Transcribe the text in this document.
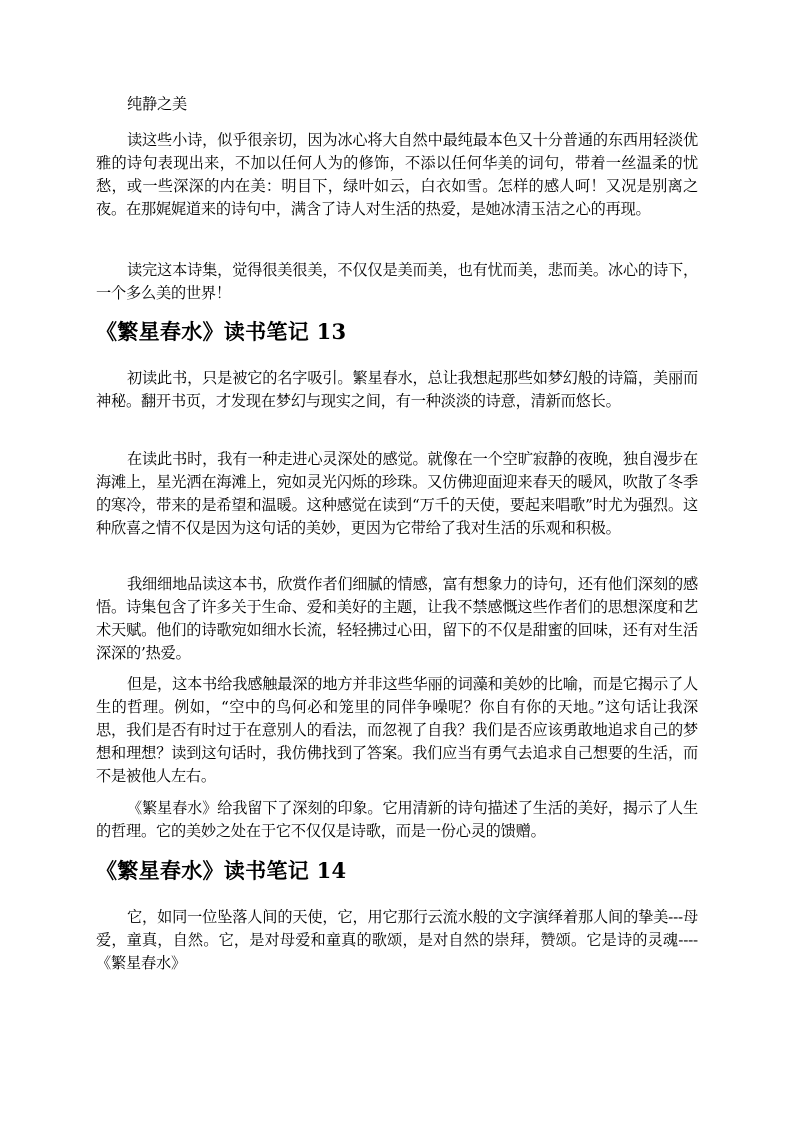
纯静之美

读这些小诗，似乎很亲切，因为冰心将大自然中最纯最本色又十分普通的东西用轻淡优雅的诗句表现出来，不加以任何人为的修饰，不添以任何华美的词句，带着一丝温柔的忧愁，或一些深深的内在美：明目下，绿叶如云，白衣如雪。怎样的感人呵！又况是别离之夜。在那娓娓道来的诗句中，满含了诗人对生活的热爱，是她冰清玉洁之心的再现。

读完这本诗集，觉得很美很美，不仅仅是美而美，也有忧而美，悲而美。冰心的诗下，一个多么美的世界！

《繁星春水》读书笔记 13

初读此书，只是被它的名字吸引。繁星春水，总让我想起那些如梦幻般的诗篇，美丽而神秘。翻开书页，才发现在梦幻与现实之间，有一种淡淡的诗意，清新而悠长。

在读此书时，我有一种走进心灵深处的感觉。就像在一个空旷寂静的夜晚，独自漫步在海滩上，星光洒在海滩上，宛如灵光闪烁的珍珠。又仿佛迎面迎来春天的暖风，吹散了冬季的寒冷，带来的是希望和温暖。这种感觉在读到“万千的天使，要起来唱歌”时尤为强烈。这种欣喜之情不仅是因为这句话的美妙，更因为它带给了我对生活的乐观和积极。

我细细地品读这本书，欣赏作者们细腻的情感，富有想象力的诗句，还有他们深刻的感悟。诗集包含了许多关于生命、爱和美好的主题，让我不禁感慨这些作者们的思想深度和艺术天赋。他们的诗歌宛如细水长流，轻轻拂过心田，留下的不仅是甜蜜的回味，还有对生活深深的’热爱。

但是，这本书给我感触最深的地方并非这些华丽的词藻和美妙的比喻，而是它揭示了人生的哲理。例如，“空中的鸟何必和笼里的同伴争噪呢？你自有你的天地。”这句话让我深思，我们是否有时过于在意别人的看法，而忽视了自我？我们是否应该勇敢地追求自己的梦想和理想？读到这句话时，我仿佛找到了答案。我们应当有勇气去追求自己想要的生活，而不是被他人左右。

《繁星春水》给我留下了深刻的印象。它用清新的诗句描述了生活的美好，揭示了人生的哲理。它的美妙之处在于它不仅仅是诗歌，而是一份心灵的馈赠。

《繁星春水》读书笔记 14

它，如同一位坠落人间的天使，它，用它那行云流水般的文字演绎着那人间的挚美---母爱，童真，自然。它，是对母爱和童真的歌颂，是对自然的崇拜，赞颂。它是诗的灵魂----《繁星春水》
